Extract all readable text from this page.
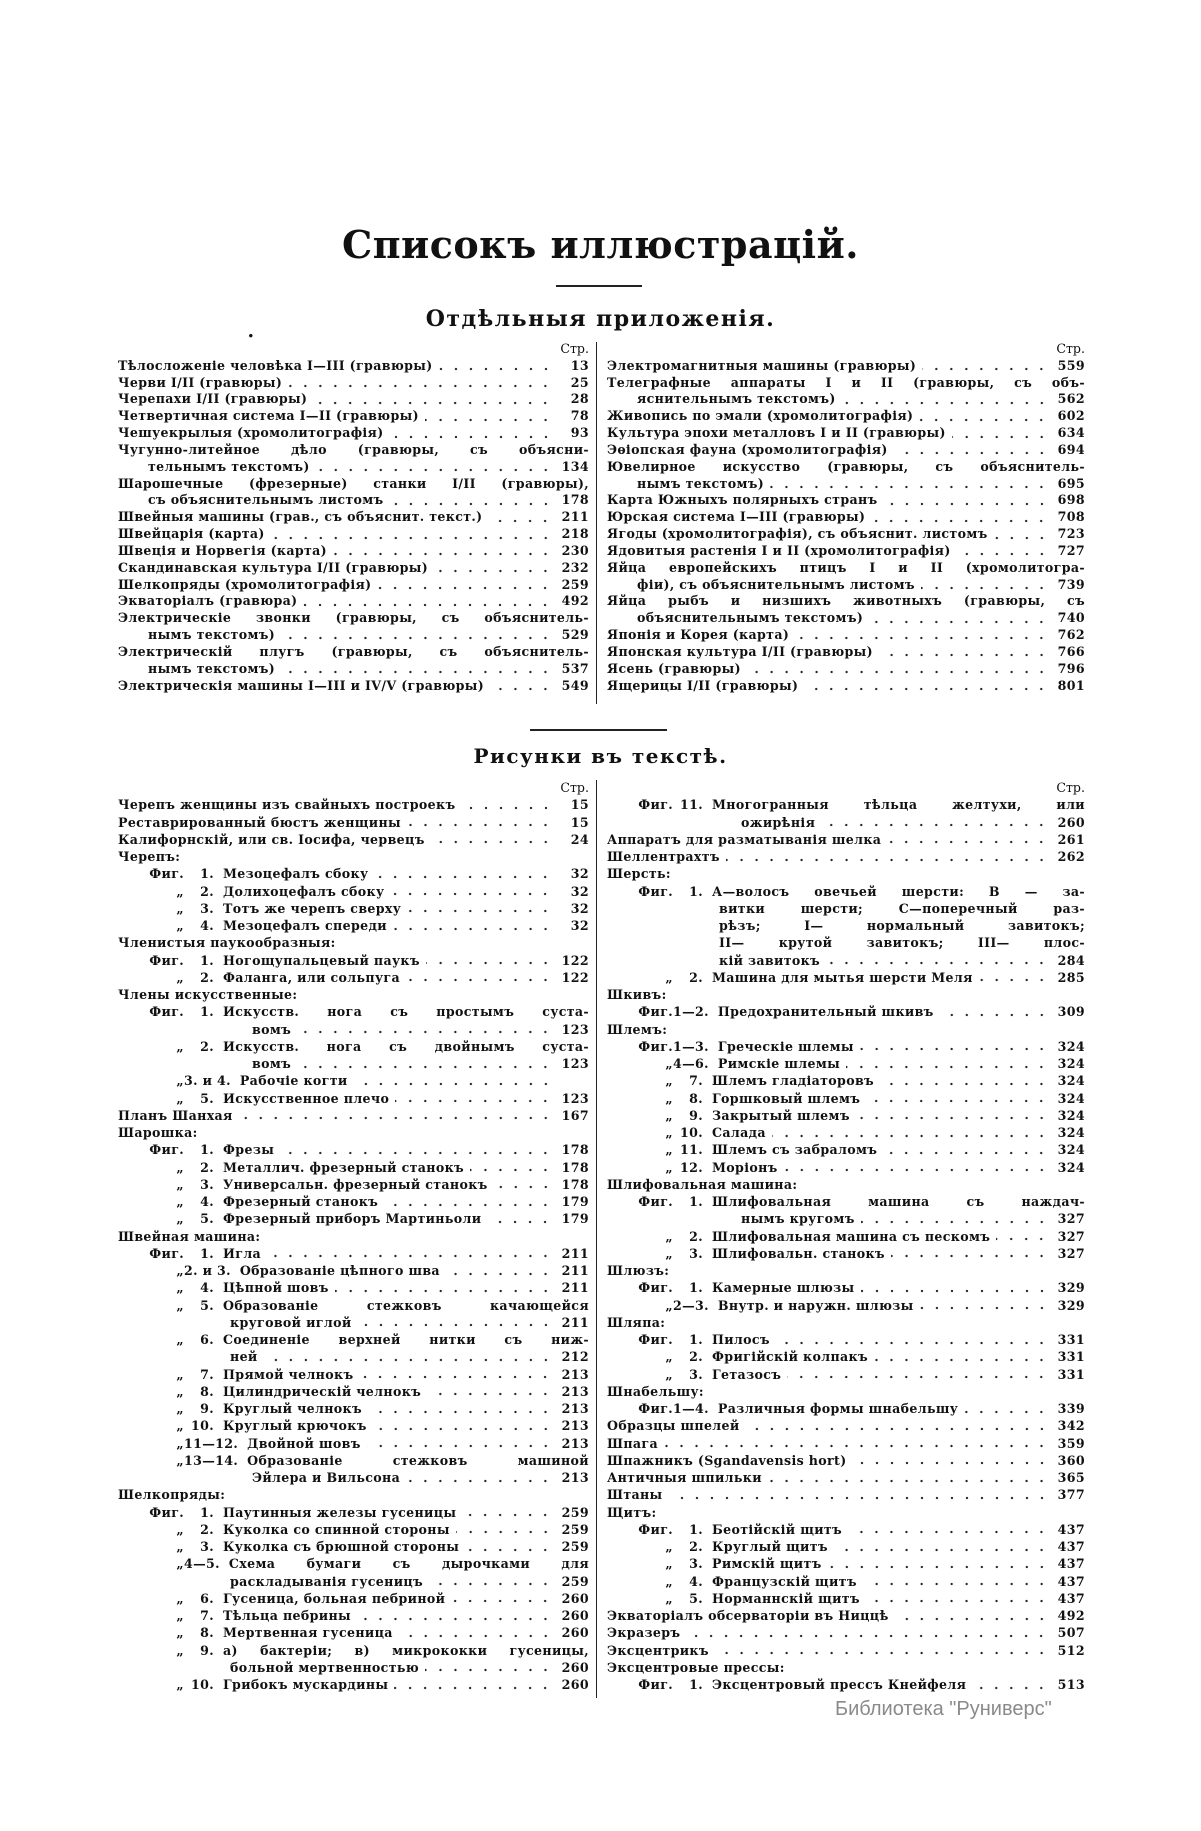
Списокъ иллюстрацій.
Отдѣльныя приложенія.
•
Стр.
Тѣлосложеніе человѣка I—III (гравюры)	13
Черви I/II (гравюры)	25
Черепахи I/II (гравюры)	28
Четвертичная система I—II (гравюры)	78
Чешуекрылыя (хромолитографія)	93
Чугунно-литейное дѣло (гравюры, съ объясни-
тельнымъ текстомъ)	134
Шарошечные (фрезерные) станки I/II (гравюры),
съ объяснительнымъ листомъ	178
Швейныя машины (грав., съ объяснит. текст.)	211
Швейцарія (карта)	218
Швеція и Норвегія (карта)	230
Скандинавская культура I/II (гравюры)	232
Шелкопряды (хромолитографія)	259
Экваторіалъ (гравюра)	492
Электрическіе звонки (гравюры, съ объяснитель-
нымъ текстомъ)	529
Электрическій плугъ (гравюры, съ объяснитель-
нымъ текстомъ)	537
Электрическія машины I—III и IV/V (гравюры)	549
Стр.
Электромагнитныя машины (гравюры)	559
Телеграфные аппараты I и II (гравюры, съ объ-
яснительнымъ текстомъ)	562
Живопись по эмали (хромолитографія)	602
Культура эпохи металловъ I и II (гравюры)	634
Эѳіопская фауна (хромолитографія)	694
Ювелирное искусство (гравюры, съ объяснитель-
нымъ текстомъ)	695
Карта Южныхъ полярныхъ странъ	698
Юрская система I—III (гравюры)	708
Ягоды (хромолитографія), съ объяснит. листомъ	723
Ядовитыя растенія I и II (хромолитографія)	727
Яйца европейскихъ птицъ I и II (хромолитогра-
фіи), съ объяснительнымъ листомъ	739
Яйца рыбъ и низшихъ животныхъ (гравюры, съ
объяснительнымъ текстомъ)	740
Японія и Корея (карта)	762
Японская культура I/II (гравюры)	766
Ясень (гравюры)	796
Ящерицы I/II (гравюры)	801
Рисунки въ текстѣ.
Стр.
Черепъ женщины изъ свайныхъ построекъ	15
Реставрированный бюстъ женщины	15
Калифорнскій, или св. Іосифа, червецъ	24
Черепъ:
Фиг.	1. Мезоцефалъ сбоку	32
„	2. Долихоцефалъ сбоку	32
„	3. Тотъ же черепъ сверху	32
„	4. Мезоцефалъ спереди	32
Членистыя паукообразныя:
Фиг.	1. Ногощупальцевый паукъ	122
„	2. Фаланга, или сольпуга	122
Члены искусственные:
Фиг.	1. Искусств. нога съ простымъ суста-
вомъ	123
„	2. Искусств. нога съ двойнымъ суста-
вомъ	123
„ 3. и 4. Рабочіе когти
„	5. Искусственное плечо	123
Планъ Шанхая	167
Шарошка:
Фиг.	1. Фрезы	178
„	2. Металлич. фрезерный станокъ	178
„	3. Универсальн. фрезерный станокъ	178
„	4. Фрезерный станокъ	179
„	5. Фрезерный приборъ Мартиньоли	179
Швейная машина:
Фиг.	1. Игла	211
„ 2. и 3. Образованіе цѣпного шва	211
„	4. Цѣпной шовъ	211
„	5. Образованіе стежковъ качающейся
круговой иглой	211
„	6. Соединеніе верхней нитки съ ниж-
ней	212
„	7. Прямой челнокъ	213
„	8. Цилиндрическій челнокъ	213
„	9. Круглый челнокъ	213
„ 10. Круглый крючокъ	213
„ 11—12. Двойной шовъ	213
„ 13—14. Образованіе стежковъ машиной
Эйлера и Вильсона	213
Шелкопряды:
Фиг.	1. Паутинныя железы гусеницы	259
„	2. Куколка со спинной стороны	259
„	3. Куколка съ брюшной стороны	259
„ 4—5. Схема бумаги съ дырочками для
раскладыванія гусеницъ	259
„	6. Гусеница, больная пебриной	260
„	7. Тѣльца пебрины	260
„	8. Мертвенная гусеница	260
„	9. a) бактеріи; в) микрококки гусеницы,
больной мертвенностью	260
„ 10. Грибокъ мускардины	260
Стр.
Фиг. 11. Многогранныя тѣльца желтухи, или
ожирѣнія	260
Аппаратъ для разматыванія шелка	261
Шеллентрахтъ	262
Шерсть:
Фиг.	1. А—волосъ овечьей шерсти: В — за-
витки шерсти; С—поперечный раз-
рѣзъ; I— нормальный завитокъ;
II— крутой завитокъ; III— плос-
кій завитокъ	284
„	2. Машина для мытья шерсти Меля	285
Шкивъ:
Фиг. 1—2. Предохранительный шкивъ	309
Шлемъ:
Фиг. 1—3. Греческіе шлемы	324
„ 4—6. Римскіе шлемы	324
„	7. Шлемъ гладіаторовъ	324
„	8. Горшковый шлемъ	324
„	9. Закрытый шлемъ	324
„ 10. Салада	324
„ 11. Шлемъ съ забраломъ	324
„ 12. Моріонъ	324
Шлифовальная машина:
Фиг.	1. Шлифовальная машина съ наждач-
нымъ кругомъ	327
„	2. Шлифовальная машина съ пескомъ	327
„	3. Шлифовальн. станокъ	327
Шлюзъ:
Фиг.	1. Камерные шлюзы	329
„ 2—3. Внутр. и наружн. шлюзы	329
Шляпа:
Фиг.	1. Пилосъ	331
„	2. Фригійскій колпакъ	331
„	3. Гетазосъ	331
Шнабельшу:
Фиг. 1—4. Различныя формы шнабельшу	339
Образцы шпелей	342
Шпага	359
Шпажникъ (Sgandavensis hort)	360
Античныя шпильки	365
Штаны	377
Щитъ:
Фиг.	1. Беотійскій щитъ	437
„	2. Круглый щитъ	437
„	3. Римскій щитъ	437
„	4. Французскій щитъ	437
„	5. Норманнскій щитъ	437
Экваторіалъ обсерваторіи въ Ниццѣ	492
Экразеръ	507
Эксцентрикъ	512
Эксцентровые прессы:
Фиг.	1. Эксцентровый прессъ Кнейфеля	513
Библиотека "Руниверс"
